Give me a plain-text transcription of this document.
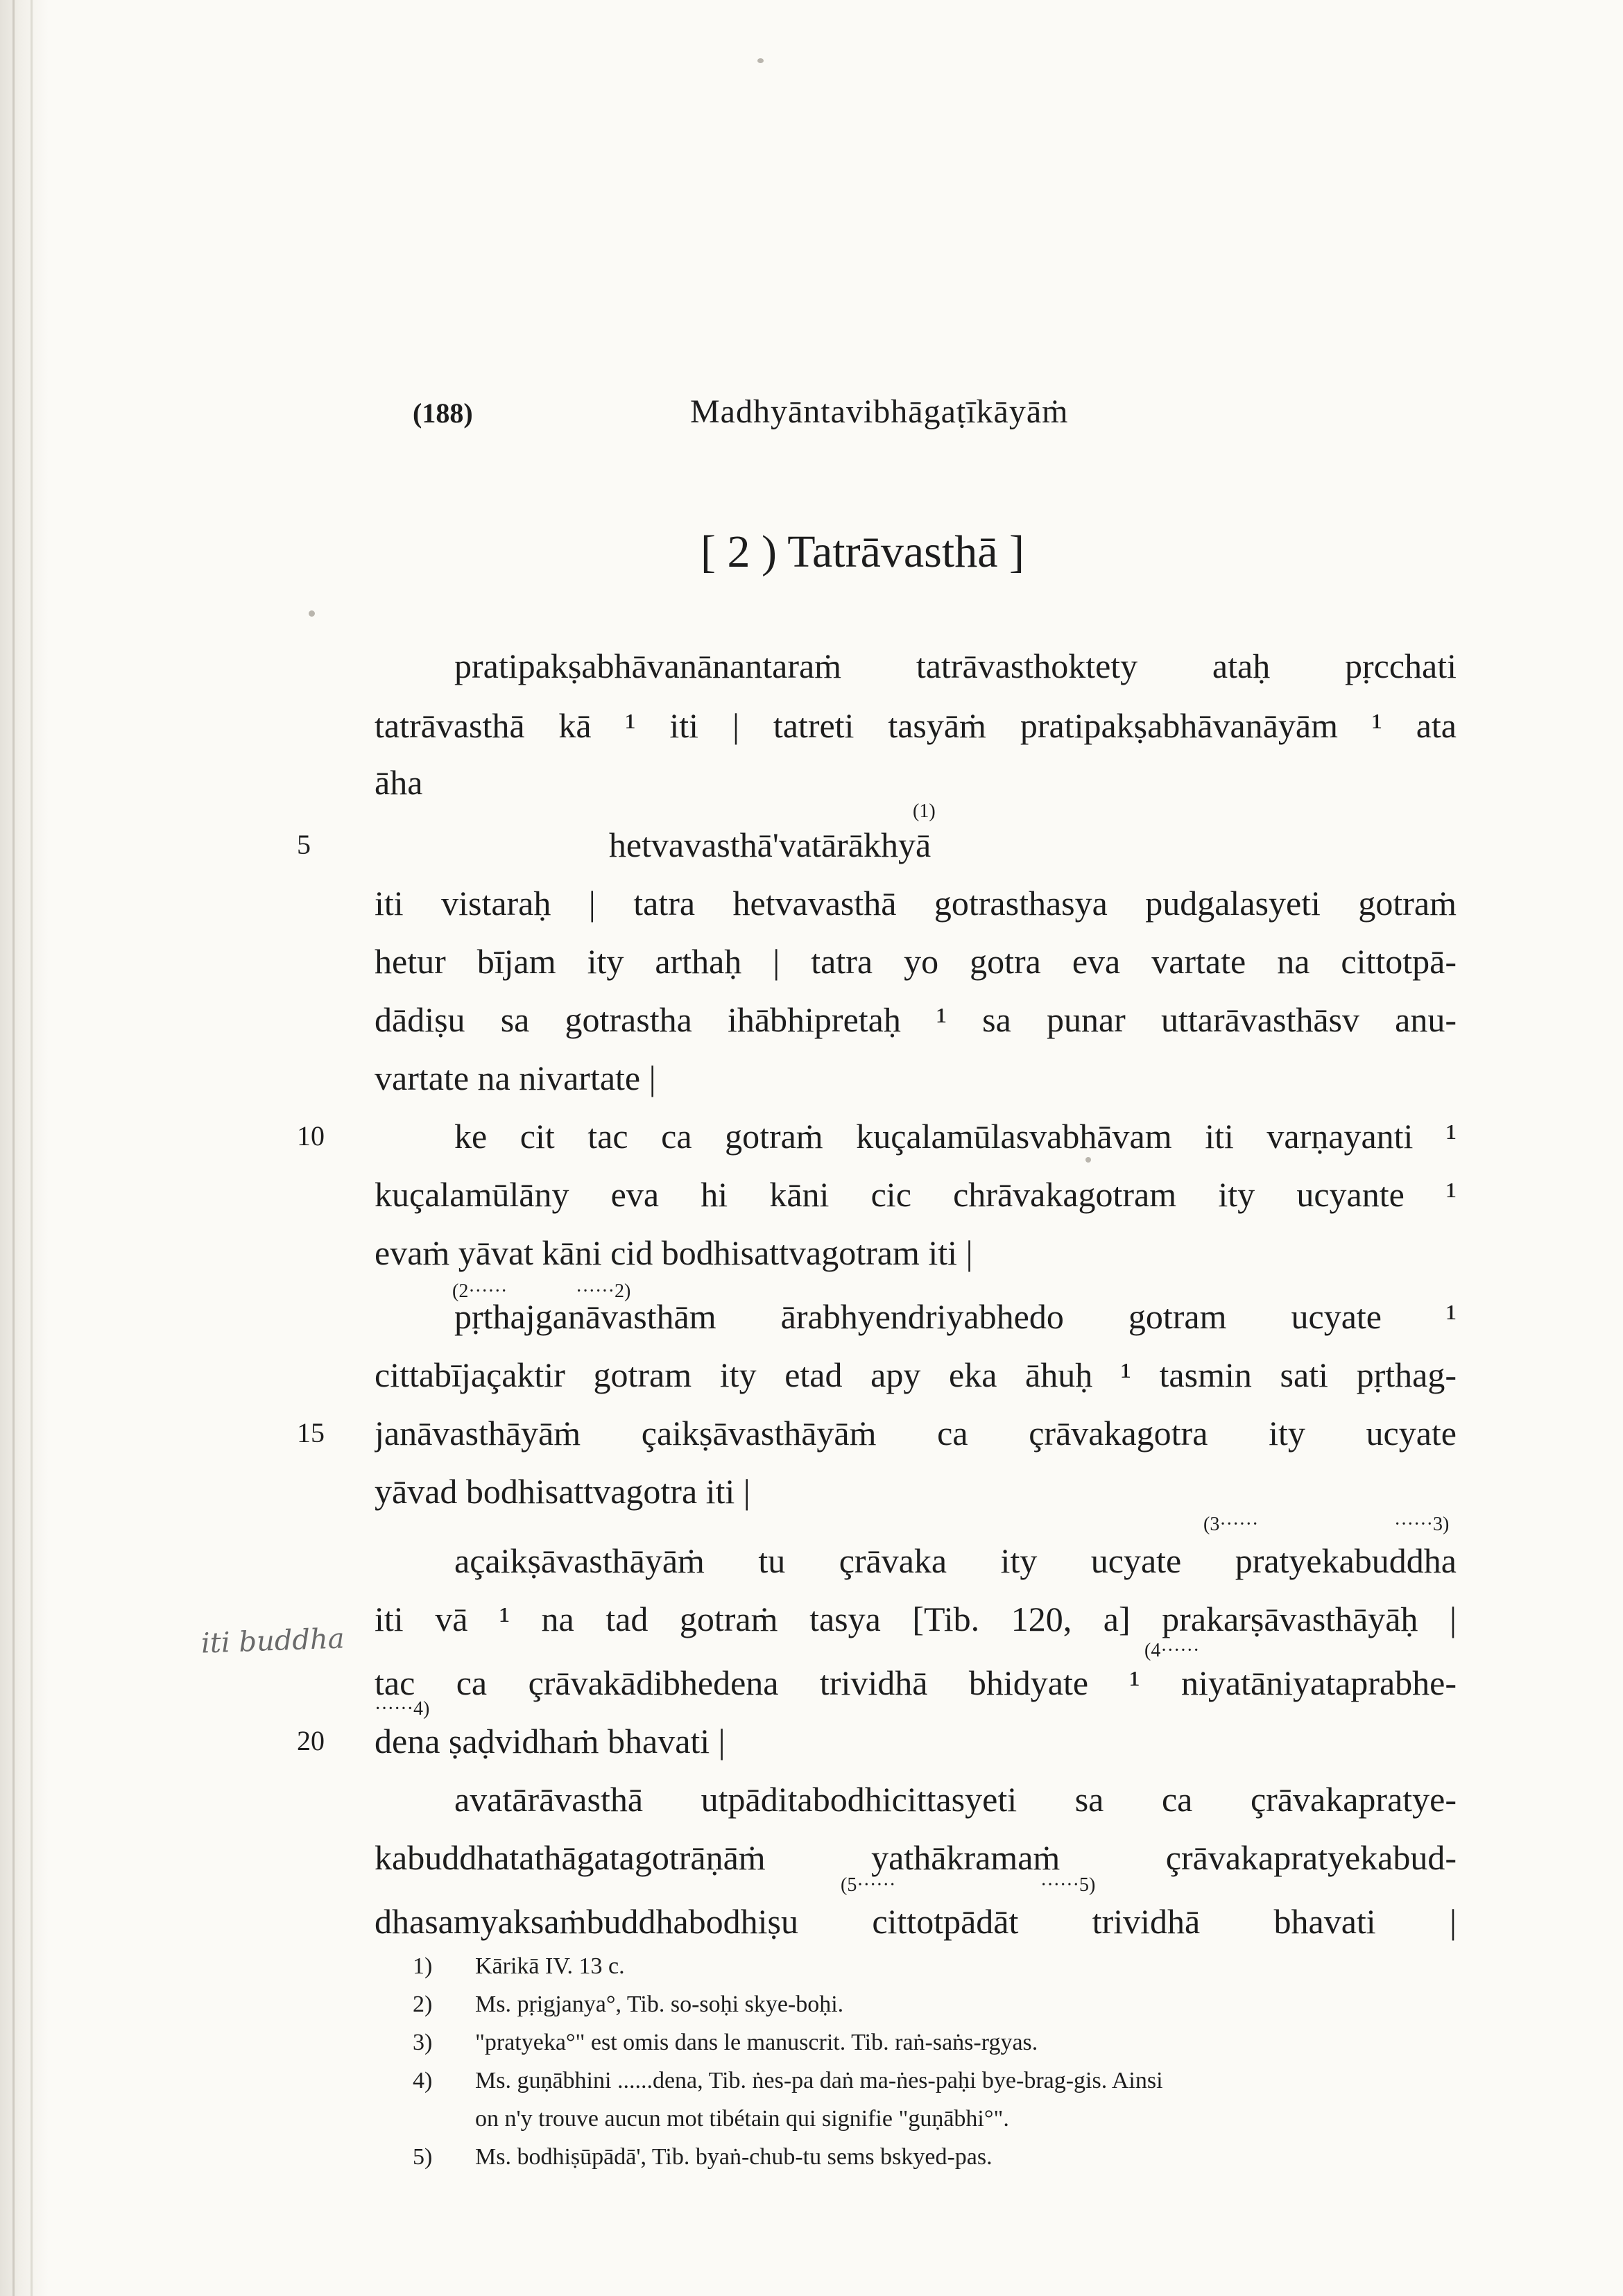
(188)	Madhyāntavibhāgaṭīkāyāṁ
[ 2 ) Tatrāvasthā ]
pratipakṣabhāvanānantaraṁ tatrāvasthoktety ataḥ pṛcchati
tatrāvasthā kā ¹ iti | tatreti tasyāṁ pratipakṣabhāvanāyām ¹ ata
āha
hetvavasthā'vatārākhyā
iti vistaraḥ | tatra hetvavasthā gotrasthasya pudgalasyeti gotraṁ
hetur bījam ity arthaḥ | tatra yo gotra eva vartate na cittotpā-
dādiṣu sa gotrastha ihābhipretaḥ ¹ sa punar uttarāvasthāsv anu-
vartate na nivartate |
ke cit tac ca gotraṁ kuçalamūlasvabhāvam iti varṇayanti ¹
kuçalamūlāny eva hi kāni cic chrāvakagotram ity ucyante ¹
evaṁ yāvat kāni cid bodhisattvagotram iti |
pṛthajganāvasthām ārabhyendriyabhedo gotram ucyate ¹
cittabījaçaktir gotram ity etad apy eka āhuḥ ¹ tasmin sati pṛthag-
janāvasthāyāṁ çaikṣāvasthāyāṁ ca çrāvakagotra ity ucyate
yāvad bodhisattvagotra iti |
açaikṣāvasthāyāṁ tu çrāvaka ity ucyate pratyekabuddha
iti vā ¹ na tad gotraṁ tasya [Tib. 120, a] prakarṣāvasthāyāḥ |
tac ca çrāvakādibhedena trividhā bhidyate ¹ niyatāniyataprabhe-
dena ṣaḍvidhaṁ bhavati |
avatārāvasthā utpāditabodhicittasyeti sa ca çrāvakapratye-
kabuddhatathāgatagotrāṇāṁ yathākramaṁ çrāvakapratyekabud-
dhasamyaksaṁbuddhabodhiṣu cittotpādāt trividhā bhavati |
5
10
15
20
iti buddha
(1)
(2······	······2)
(3······	······3)
(4······
······4)
(5······	······5)
1)	Kārikā IV. 13 c.
2)	Ms. pṛigjanya°, Tib. so-soḥi skye-boḥi.
3)	"pratyeka°" est omis dans le manuscrit. Tib. raṅ-saṅs-rgyas.
4)	Ms. guṇābhini ......dena, Tib. ṅes-pa daṅ ma-ṅes-paḥi bye-brag-gis. Ainsi
on n'y trouve aucun mot tibétain qui signifie "guṇābhi°".
5)	Ms. bodhiṣūpādā', Tib. byaṅ-chub-tu sems bskyed-pas.
